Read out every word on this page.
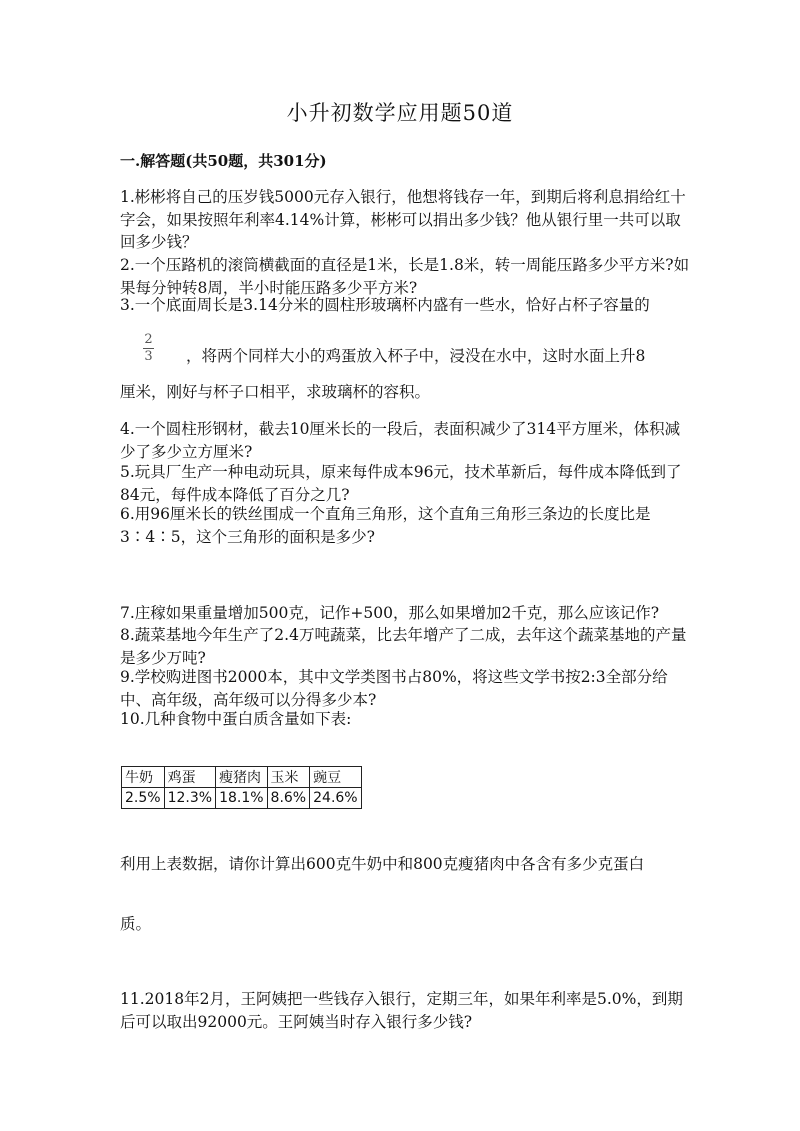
小升初数学应用题50道
一.解答题(共50题，共301分)

1.彬彬将自己的压岁钱5000元存入银行，他想将钱存一年，到期后将利息捐给红十字会，如果按照年利率4.14%计算，彬彬可以捐出多少钱？他从银行里一共可以取回多少钱？

2.一个压路机的滚筒横截面的直径是1米，长是1.8米，转一周能压路多少平方米?如果每分钟转8周，半小时能压路多少平方米?

3.一个底面周长是3.14分米的圆柱形玻璃杯内盛有一些水，恰好占杯子容量的

2
3 ，将两个同样大小的鸡蛋放入杯子中，浸没在水中，这时水面上升8

厘米，刚好与杯子口相平，求玻璃杯的容积。

4.一个圆柱形钢材，截去10厘米长的一段后，表面积减少了314平方厘米，体积减少了多少立方厘米?

5.玩具厂生产一种电动玩具，原来每件成本96元，技术革新后，每件成本降低到了84元，每件成本降低了百分之几?

6.用96厘米长的铁丝围成一个直角三角形，这个直角三角形三条边的长度比是3∶4∶5，这个三角形的面积是多少?

7.庄稼如果重量增加500克，记作+500，那么如果增加2千克，那么应该记作?

8.蔬菜基地今年生产了2.4万吨蔬菜，比去年增产了二成，去年这个蔬菜基地的产量是多少万吨?

9.学校购进图书2000本，其中文学类图书占80%，将这些文学书按2:3全部分给中、高年级，高年级可以分得多少本?

10.几种食物中蛋白质含量如下表:

牛奶	鸡蛋	瘦猪肉	玉米	豌豆
2.5%	12.3%	18.1%	8.6%	24.6%

利用上表数据，请你计算出600克牛奶中和800克瘦猪肉中各含有多少克蛋白

质。

11.2018年2月，王阿姨把一些钱存入银行，定期三年，如果年利率是5.0%，到期后可以取出92000元。王阿姨当时存入银行多少钱?
